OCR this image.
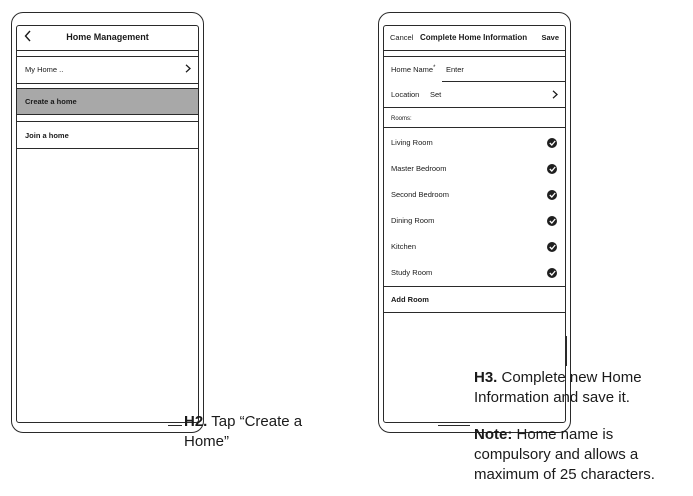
Home Management
My Home ..
Create a home
Join a home
H2. Tap “Create a
Home”
Cancel Complete Home Information Save
Home Name* Enter
Location Set
Rooms:
Living Room
Master Bedroom
Second Bedroom
Dining Room
Kitchen
Study Room
Add Room
H3. Complete new Home
Information and save it.
Note: Home name is
compulsory and allows a
maximum of 25 characters.
